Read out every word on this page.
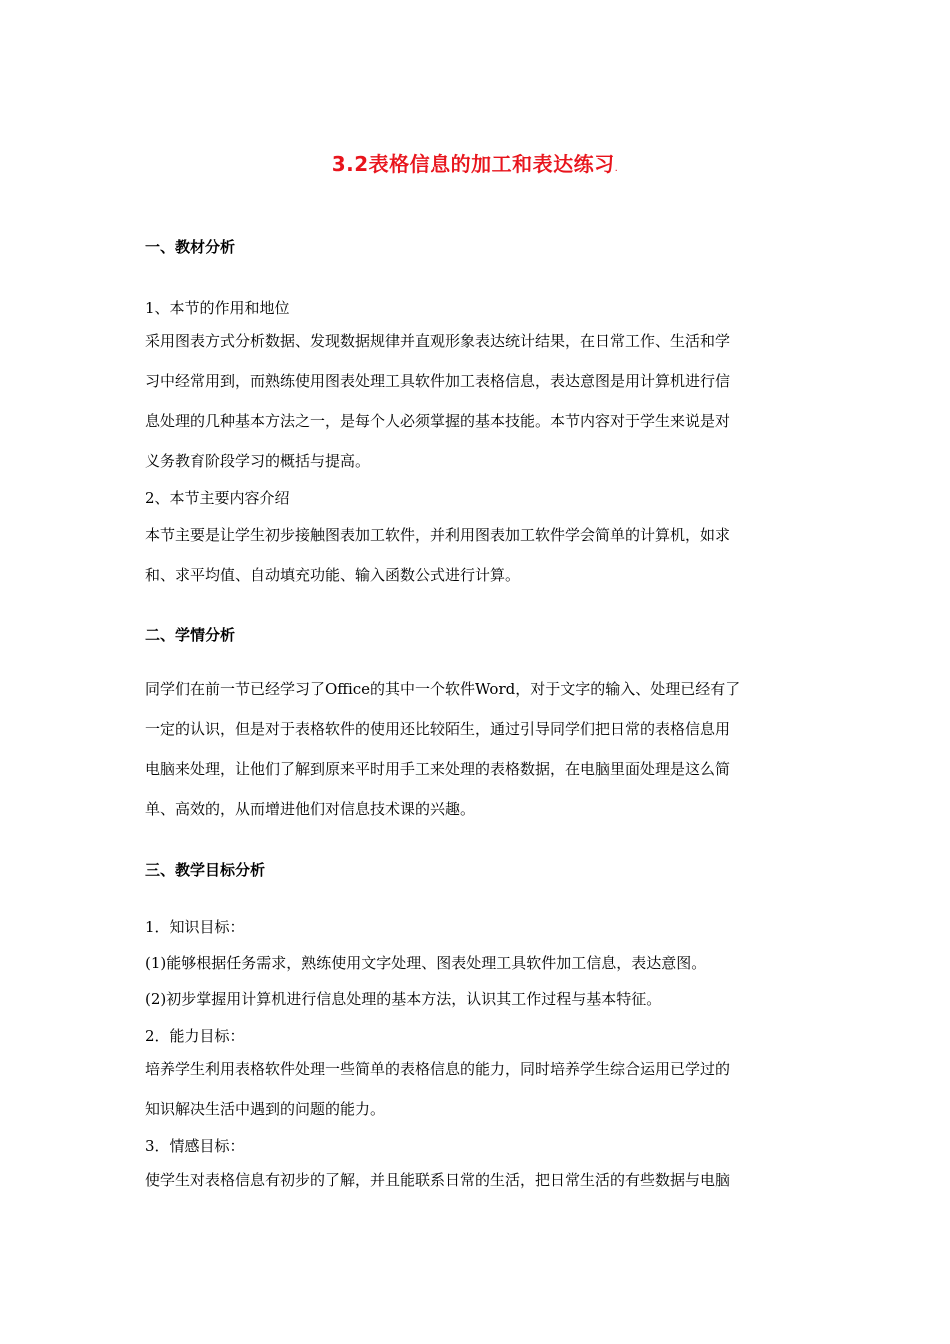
3.2表格信息的加工和表达练习.
一、教材分析
1、本节的作用和地位
采用图表方式分析数据、发现数据规律并直观形象表达统计结果，在日常工作、生活和学
习中经常用到，而熟练使用图表处理工具软件加工表格信息，表达意图是用计算机进行信
息处理的几种基本方法之一，是每个人必须掌握的基本技能。本节内容对于学生来说是对
义务教育阶段学习的概括与提高。
2、本节主要内容介绍
本节主要是让学生初步接触图表加工软件，并利用图表加工软件学会简单的计算机，如求
和、求平均值、自动填充功能、输入函数公式进行计算。
二、学情分析
同学们在前一节已经学习了Office的其中一个软件Word，对于文字的输入、处理已经有了
一定的认识，但是对于表格软件的使用还比较陌生，通过引导同学们把日常的表格信息用
电脑来处理，让他们了解到原来平时用手工来处理的表格数据，在电脑里面处理是这么简
单、高效的，从而增进他们对信息技术课的兴趣。
三、教学目标分析
1．知识目标：
(1)能够根据任务需求，熟练使用文字处理、图表处理工具软件加工信息，表达意图。
(2)初步掌握用计算机进行信息处理的基本方法，认识其工作过程与基本特征。
2．能力目标：
培养学生利用表格软件处理一些简单的表格信息的能力，同时培养学生综合运用已学过的
知识解决生活中遇到的问题的能力。
3．情感目标：
使学生对表格信息有初步的了解，并且能联系日常的生活，把日常生活的有些数据与电脑
